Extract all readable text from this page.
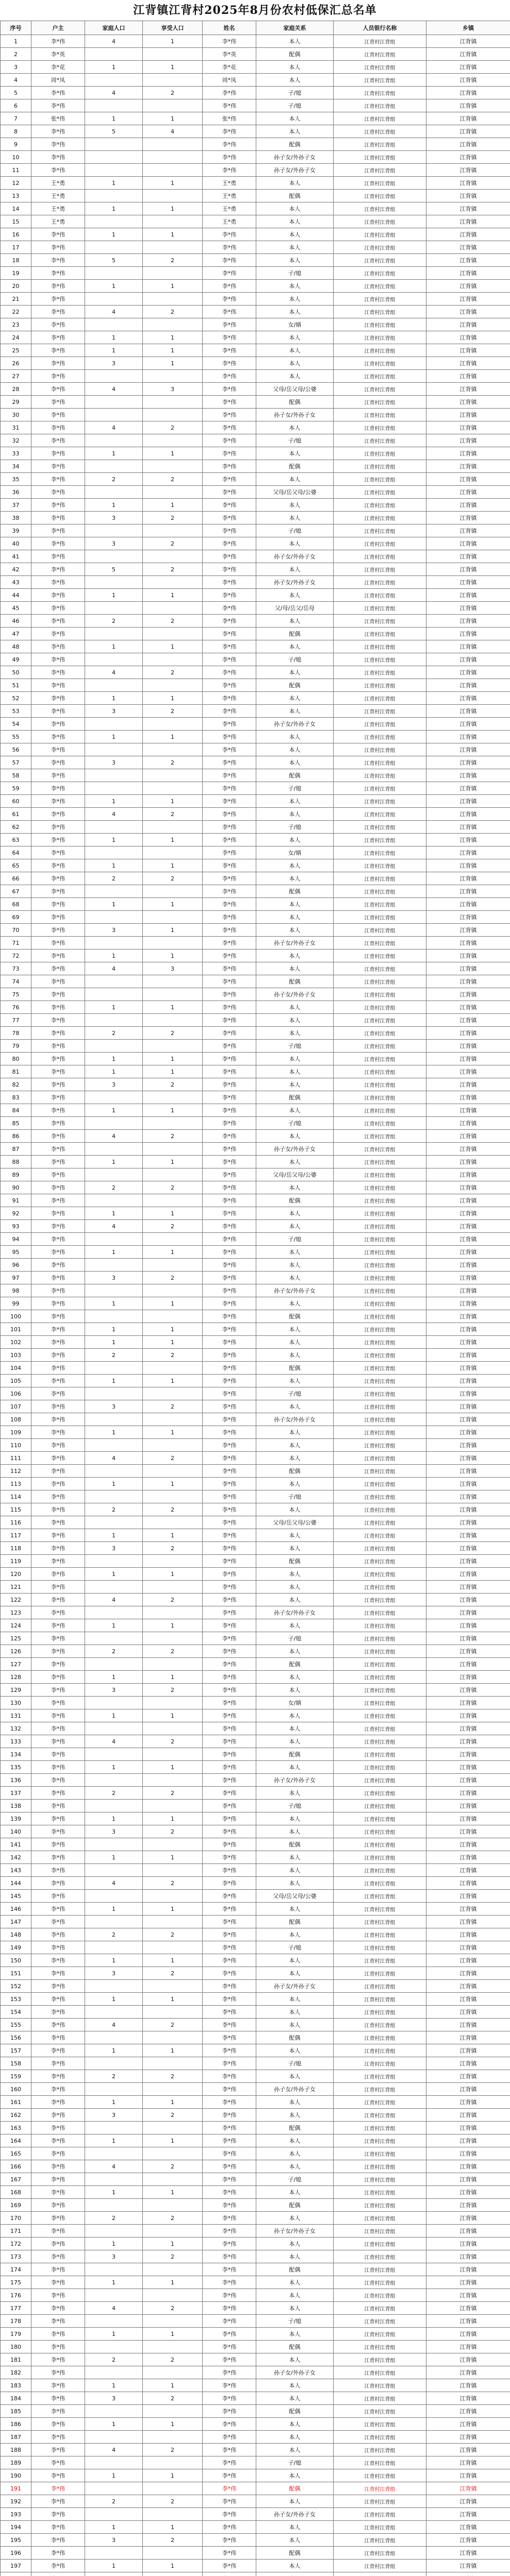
江背镇江背村2025年8月份农村低保汇总名单
序号	户主	家庭人口	享受人口	姓名	家庭关系	人员银行名称	乡镇
1	李*伟	4	1	李*伟	本人	江背村江背组	江背镇
2	李*英			李*英	配偶	江背村江背组	江背镇
3	李*花	1	1	李*花	本人	江背村江背组	江背镇
4	周*凤			周*凤	本人	江背村江背组	江背镇
5	李*伟	4	2	李*伟	子/媳	江背村江背组	江背镇
6	李*伟			李*伟	子/媳	江背村江背组	江背镇
7	张*伟	1	1	张*伟	本人	江背村江背组	江背镇
8	李*伟	5	4	李*伟	本人	江背村江背组	江背镇
9	李*伟			李*伟	配偶	江背村江背组	江背镇
10	李*伟			李*伟	孙子女/外孙子女	江背村江背组	江背镇
11	李*伟			李*伟	孙子女/外孙子女	江背村江背组	江背镇
12	王*勇	1	1	王*勇	本人	江背村江背组	江背镇
13	王*勇			王*勇	配偶	江背村江背组	江背镇
14	王*勇	1	1	王*勇	本人	江背村江背组	江背镇
15	王*勇			王*勇	本人	江背村江背组	江背镇
16	李*伟	1	1	李*伟	本人	江背村江背组	江背镇
17	李*伟			李*伟	本人	江背村江背组	江背镇
18	李*伟	5	2	李*伟	本人	江背村江背组	江背镇
19	李*伟			李*伟	子/媳	江背村江背组	江背镇
20	李*伟	1	1	李*伟	本人	江背村江背组	江背镇
21	李*伟			李*伟	本人	江背村江背组	江背镇
22	李*伟	4	2	李*伟	本人	江背村江背组	江背镇
23	李*伟			李*伟	女/婿	江背村江背组	江背镇
24	李*伟	1	1	李*伟	本人	江背村江背组	江背镇
25	李*伟	1	1	李*伟	本人	江背村江背组	江背镇
26	李*伟	3	1	李*伟	本人	江背村江背组	江背镇
27	李*伟			李*伟	本人	江背村江背组	江背镇
28	李*伟	4	3	李*伟	父母/岳父母/公婆	江背村江背组	江背镇
29	李*伟			李*伟	配偶	江背村江背组	江背镇
30	李*伟			李*伟	孙子女/外孙子女	江背村江背组	江背镇
31	李*伟	4	2	李*伟	本人	江背村江背组	江背镇
32	李*伟			李*伟	子/媳	江背村江背组	江背镇
33	李*伟	1	1	李*伟	本人	江背村江背组	江背镇
34	李*伟			李*伟	配偶	江背村江背组	江背镇
35	李*伟	2	2	李*伟	本人	江背村江背组	江背镇
36	李*伟			李*伟	父母/岳父母/公婆	江背村江背组	江背镇
37	李*伟	1	1	李*伟	本人	江背村江背组	江背镇
38	李*伟	3	2	李*伟	本人	江背村江背组	江背镇
39	李*伟			李*伟	子/媳	江背村江背组	江背镇
40	李*伟	3	2	李*伟	本人	江背村江背组	江背镇
41	李*伟			李*伟	孙子女/外孙子女	江背村江背组	江背镇
42	李*伟	5	2	李*伟	本人	江背村江背组	江背镇
43	李*伟			李*伟	孙子女/外孙子女	江背村江背组	江背镇
44	李*伟	1	1	李*伟	本人	江背村江背组	江背镇
45	李*伟			李*伟	父/母/岳父/岳母	江背村江背组	江背镇
46	李*伟	2	2	李*伟	本人	江背村江背组	江背镇
47	李*伟			李*伟	配偶	江背村江背组	江背镇
48	李*伟	1	1	李*伟	本人	江背村江背组	江背镇
49	李*伟			李*伟	子/媳	江背村江背组	江背镇
50	李*伟	4	2	李*伟	本人	江背村江背组	江背镇
51	李*伟			李*伟	配偶	江背村江背组	江背镇
52	李*伟	1	1	李*伟	本人	江背村江背组	江背镇
53	李*伟	3	2	李*伟	本人	江背村江背组	江背镇
54	李*伟			李*伟	孙子女/外孙子女	江背村江背组	江背镇
55	李*伟	1	1	李*伟	本人	江背村江背组	江背镇
56	李*伟			李*伟	本人	江背村江背组	江背镇
57	李*伟	3	2	李*伟	本人	江背村江背组	江背镇
58	李*伟			李*伟	配偶	江背村江背组	江背镇
59	李*伟			李*伟	子/媳	江背村江背组	江背镇
60	李*伟	1	1	李*伟	本人	江背村江背组	江背镇
61	李*伟	4	2	李*伟	本人	江背村江背组	江背镇
62	李*伟			李*伟	子/媳	江背村江背组	江背镇
63	李*伟	1	1	李*伟	本人	江背村江背组	江背镇
64	李*伟			李*伟	女/婿	江背村江背组	江背镇
65	李*伟	1	1	李*伟	本人	江背村江背组	江背镇
66	李*伟	2	2	李*伟	本人	江背村江背组	江背镇
67	李*伟			李*伟	配偶	江背村江背组	江背镇
68	李*伟	1	1	李*伟	本人	江背村江背组	江背镇
69	李*伟			李*伟	本人	江背村江背组	江背镇
70	李*伟	3	1	李*伟	本人	江背村江背组	江背镇
71	李*伟			李*伟	孙子女/外孙子女	江背村江背组	江背镇
72	李*伟	1	1	李*伟	本人	江背村江背组	江背镇
73	李*伟	4	3	李*伟	本人	江背村江背组	江背镇
74	李*伟			李*伟	配偶	江背村江背组	江背镇
75	李*伟			李*伟	孙子女/外孙子女	江背村江背组	江背镇
76	李*伟	1	1	李*伟	本人	江背村江背组	江背镇
77	李*伟			李*伟	本人	江背村江背组	江背镇
78	李*伟	2	2	李*伟	本人	江背村江背组	江背镇
79	李*伟			李*伟	子/媳	江背村江背组	江背镇
80	李*伟	1	1	李*伟	本人	江背村江背组	江背镇
81	李*伟	1	1	李*伟	本人	江背村江背组	江背镇
82	李*伟	3	2	李*伟	本人	江背村江背组	江背镇
83	李*伟			李*伟	配偶	江背村江背组	江背镇
84	李*伟	1	1	李*伟	本人	江背村江背组	江背镇
85	李*伟			李*伟	子/媳	江背村江背组	江背镇
86	李*伟	4	2	李*伟	本人	江背村江背组	江背镇
87	李*伟			李*伟	孙子女/外孙子女	江背村江背组	江背镇
88	李*伟	1	1	李*伟	本人	江背村江背组	江背镇
89	李*伟			李*伟	父母/岳父母/公婆	江背村江背组	江背镇
90	李*伟	2	2	李*伟	本人	江背村江背组	江背镇
91	李*伟			李*伟	配偶	江背村江背组	江背镇
92	李*伟	1	1	李*伟	本人	江背村江背组	江背镇
93	李*伟	4	2	李*伟	本人	江背村江背组	江背镇
94	李*伟			李*伟	子/媳	江背村江背组	江背镇
95	李*伟	1	1	李*伟	本人	江背村江背组	江背镇
96	李*伟			李*伟	本人	江背村江背组	江背镇
97	李*伟	3	2	李*伟	本人	江背村江背组	江背镇
98	李*伟			李*伟	孙子女/外孙子女	江背村江背组	江背镇
99	李*伟	1	1	李*伟	本人	江背村江背组	江背镇
100	李*伟			李*伟	配偶	江背村江背组	江背镇
101	李*伟	1	1	李*伟	本人	江背村江背组	江背镇
102	李*伟	1	1	李*伟	本人	江背村江背组	江背镇
103	李*伟	2	2	李*伟	本人	江背村江背组	江背镇
104	李*伟			李*伟	配偶	江背村江背组	江背镇
105	李*伟	1	1	李*伟	本人	江背村江背组	江背镇
106	李*伟			李*伟	子/媳	江背村江背组	江背镇
107	李*伟	3	2	李*伟	本人	江背村江背组	江背镇
108	李*伟			李*伟	孙子女/外孙子女	江背村江背组	江背镇
109	李*伟	1	1	李*伟	本人	江背村江背组	江背镇
110	李*伟			李*伟	本人	江背村江背组	江背镇
111	李*伟	4	2	李*伟	本人	江背村江背组	江背镇
112	李*伟			李*伟	配偶	江背村江背组	江背镇
113	李*伟	1	1	李*伟	本人	江背村江背组	江背镇
114	李*伟			李*伟	子/媳	江背村江背组	江背镇
115	李*伟	2	2	李*伟	本人	江背村江背组	江背镇
116	李*伟			李*伟	父母/岳父母/公婆	江背村江背组	江背镇
117	李*伟	1	1	李*伟	本人	江背村江背组	江背镇
118	李*伟	3	2	李*伟	本人	江背村江背组	江背镇
119	李*伟			李*伟	配偶	江背村江背组	江背镇
120	李*伟	1	1	李*伟	本人	江背村江背组	江背镇
121	李*伟			李*伟	本人	江背村江背组	江背镇
122	李*伟	4	2	李*伟	本人	江背村江背组	江背镇
123	李*伟			李*伟	孙子女/外孙子女	江背村江背组	江背镇
124	李*伟	1	1	李*伟	本人	江背村江背组	江背镇
125	李*伟			李*伟	子/媳	江背村江背组	江背镇
126	李*伟	2	2	李*伟	本人	江背村江背组	江背镇
127	李*伟			李*伟	配偶	江背村江背组	江背镇
128	李*伟	1	1	李*伟	本人	江背村江背组	江背镇
129	李*伟	3	2	李*伟	本人	江背村江背组	江背镇
130	李*伟			李*伟	女/婿	江背村江背组	江背镇
131	李*伟	1	1	李*伟	本人	江背村江背组	江背镇
132	李*伟			李*伟	本人	江背村江背组	江背镇
133	李*伟	4	2	李*伟	本人	江背村江背组	江背镇
134	李*伟			李*伟	配偶	江背村江背组	江背镇
135	李*伟	1	1	李*伟	本人	江背村江背组	江背镇
136	李*伟			李*伟	孙子女/外孙子女	江背村江背组	江背镇
137	李*伟	2	2	李*伟	本人	江背村江背组	江背镇
138	李*伟			李*伟	子/媳	江背村江背组	江背镇
139	李*伟	1	1	李*伟	本人	江背村江背组	江背镇
140	李*伟	3	2	李*伟	本人	江背村江背组	江背镇
141	李*伟			李*伟	配偶	江背村江背组	江背镇
142	李*伟	1	1	李*伟	本人	江背村江背组	江背镇
143	李*伟			李*伟	本人	江背村江背组	江背镇
144	李*伟	4	2	李*伟	本人	江背村江背组	江背镇
145	李*伟			李*伟	父母/岳父母/公婆	江背村江背组	江背镇
146	李*伟	1	1	李*伟	本人	江背村江背组	江背镇
147	李*伟			李*伟	配偶	江背村江背组	江背镇
148	李*伟	2	2	李*伟	本人	江背村江背组	江背镇
149	李*伟			李*伟	子/媳	江背村江背组	江背镇
150	李*伟	1	1	李*伟	本人	江背村江背组	江背镇
151	李*伟	3	2	李*伟	本人	江背村江背组	江背镇
152	李*伟			李*伟	孙子女/外孙子女	江背村江背组	江背镇
153	李*伟	1	1	李*伟	本人	江背村江背组	江背镇
154	李*伟			李*伟	本人	江背村江背组	江背镇
155	李*伟	4	2	李*伟	本人	江背村江背组	江背镇
156	李*伟			李*伟	配偶	江背村江背组	江背镇
157	李*伟	1	1	李*伟	本人	江背村江背组	江背镇
158	李*伟			李*伟	子/媳	江背村江背组	江背镇
159	李*伟	2	2	李*伟	本人	江背村江背组	江背镇
160	李*伟			李*伟	孙子女/外孙子女	江背村江背组	江背镇
161	李*伟	1	1	李*伟	本人	江背村江背组	江背镇
162	李*伟	3	2	李*伟	本人	江背村江背组	江背镇
163	李*伟			李*伟	配偶	江背村江背组	江背镇
164	李*伟	1	1	李*伟	本人	江背村江背组	江背镇
165	李*伟			李*伟	本人	江背村江背组	江背镇
166	李*伟	4	2	李*伟	本人	江背村江背组	江背镇
167	李*伟			李*伟	子/媳	江背村江背组	江背镇
168	李*伟	1	1	李*伟	本人	江背村江背组	江背镇
169	李*伟			李*伟	配偶	江背村江背组	江背镇
170	李*伟	2	2	李*伟	本人	江背村江背组	江背镇
171	李*伟			李*伟	孙子女/外孙子女	江背村江背组	江背镇
172	李*伟	1	1	李*伟	本人	江背村江背组	江背镇
173	李*伟	3	2	李*伟	本人	江背村江背组	江背镇
174	李*伟			李*伟	配偶	江背村江背组	江背镇
175	李*伟	1	1	李*伟	本人	江背村江背组	江背镇
176	李*伟			李*伟	本人	江背村江背组	江背镇
177	李*伟	4	2	李*伟	本人	江背村江背组	江背镇
178	李*伟			李*伟	子/媳	江背村江背组	江背镇
179	李*伟	1	1	李*伟	本人	江背村江背组	江背镇
180	李*伟			李*伟	配偶	江背村江背组	江背镇
181	李*伟	2	2	李*伟	本人	江背村江背组	江背镇
182	李*伟			李*伟	孙子女/外孙子女	江背村江背组	江背镇
183	李*伟	1	1	李*伟	本人	江背村江背组	江背镇
184	李*伟	3	2	李*伟	本人	江背村江背组	江背镇
185	李*伟			李*伟	配偶	江背村江背组	江背镇
186	李*伟	1	1	李*伟	本人	江背村江背组	江背镇
187	李*伟			李*伟	本人	江背村江背组	江背镇
188	李*伟	4	2	李*伟	本人	江背村江背组	江背镇
189	李*伟			李*伟	子/媳	江背村江背组	江背镇
190	李*伟	1	1	李*伟	本人	江背村江背组	江背镇
191	李*伟			李*伟	配偶	江背村江背组	江背镇
192	李*伟	2	2	李*伟	本人	江背村江背组	江背镇
193	李*伟			李*伟	孙子女/外孙子女	江背村江背组	江背镇
194	李*伟	1	1	李*伟	本人	江背村江背组	江背镇
195	李*伟	3	2	李*伟	本人	江背村江背组	江背镇
196	李*伟			李*伟	配偶	江背村江背组	江背镇
197	李*伟	1	1	李*伟	本人	江背村江背组	江背镇
